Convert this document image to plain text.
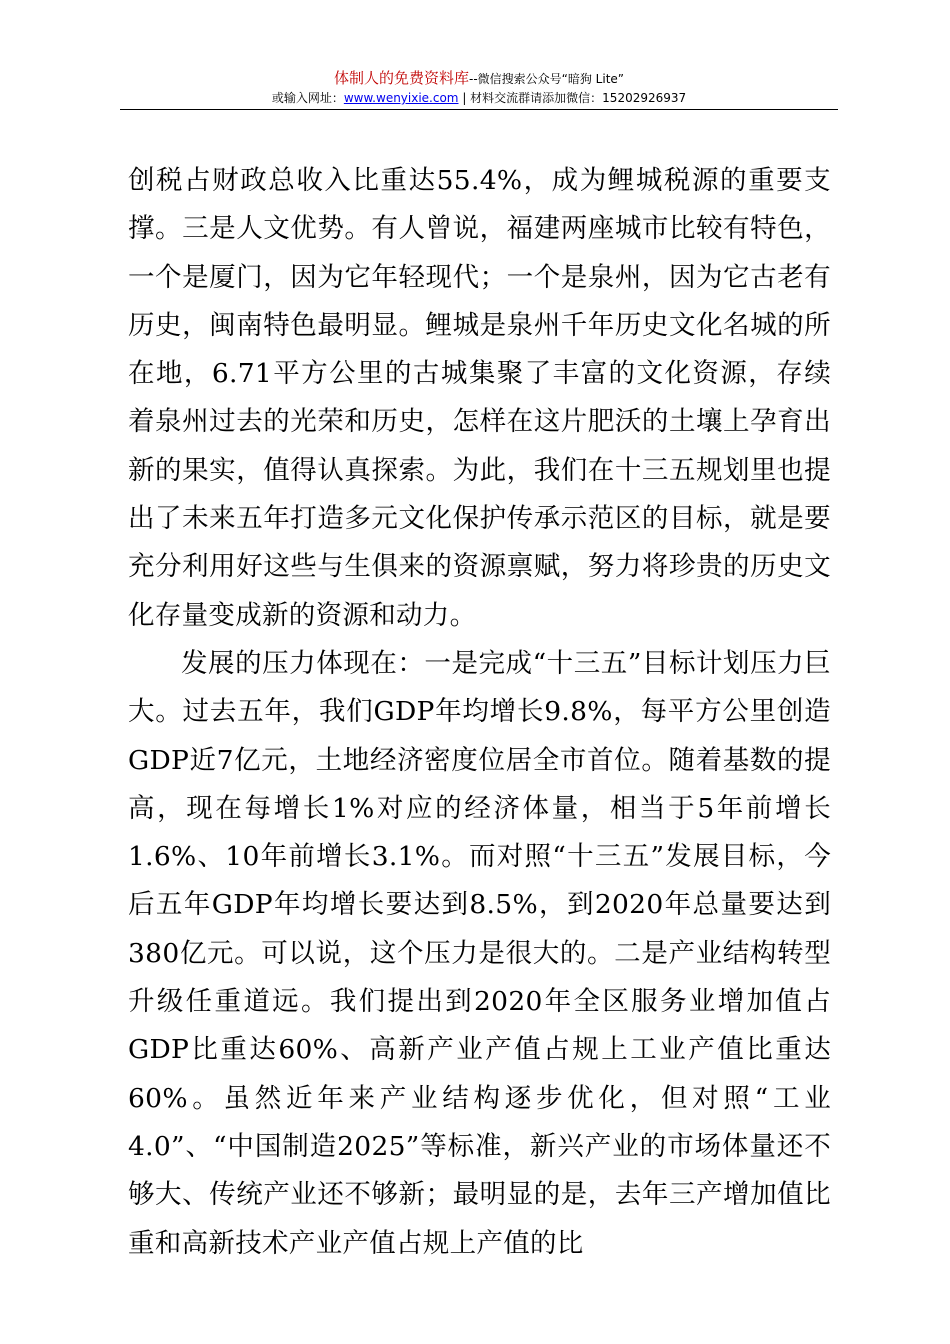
体制人的免费资料库--微信搜索公众号“暗狗 Lite”
或输入网址：www.wenyixie.com | 材料交流群请添加微信：15202926937

创税占财政总收入比重达55.4%，成为鲤城税源的重要支撑。三是人文优势。有人曾说，福建两座城市比较有特色，一个是厦门，因为它年轻现代；一个是泉州，因为它古老有历史，闽南特色最明显。鲤城是泉州千年历史文化名城的所在地，6.71平方公里的古城集聚了丰富的文化资源，存续着泉州过去的光荣和历史，怎样在这片肥沃的土壤上孕育出新的果实，值得认真探索。为此，我们在十三五规划里也提出了未来五年打造多元文化保护传承示范区的目标，就是要充分利用好这些与生俱来的资源禀赋，努力将珍贵的历史文化存量变成新的资源和动力。

发展的压力体现在：一是完成“十三五”目标计划压力巨大。过去五年，我们GDP年均增长9.8%，每平方公里创造GDP近7亿元，土地经济密度位居全市首位。随着基数的提高，现在每增长1%对应的经济体量，相当于5年前增长1.6%、10年前增长3.1%。而对照“十三五”发展目标，今后五年GDP年均增长要达到8.5%，到2020年总量要达到380亿元。可以说，这个压力是很大的。二是产业结构转型升级任重道远。我们提出到2020年全区服务业增加值占GDP比重达60%、高新产业产值占规上工业产值比重达60%。虽然近年来产业结构逐步优化，但对照“工业4.0”、“中国制造2025”等标准，新兴产业的市场体量还不够大、传统产业还不够新；最明显的是，去年三产增加值比重和高新技术产业产值占规上产值的比
